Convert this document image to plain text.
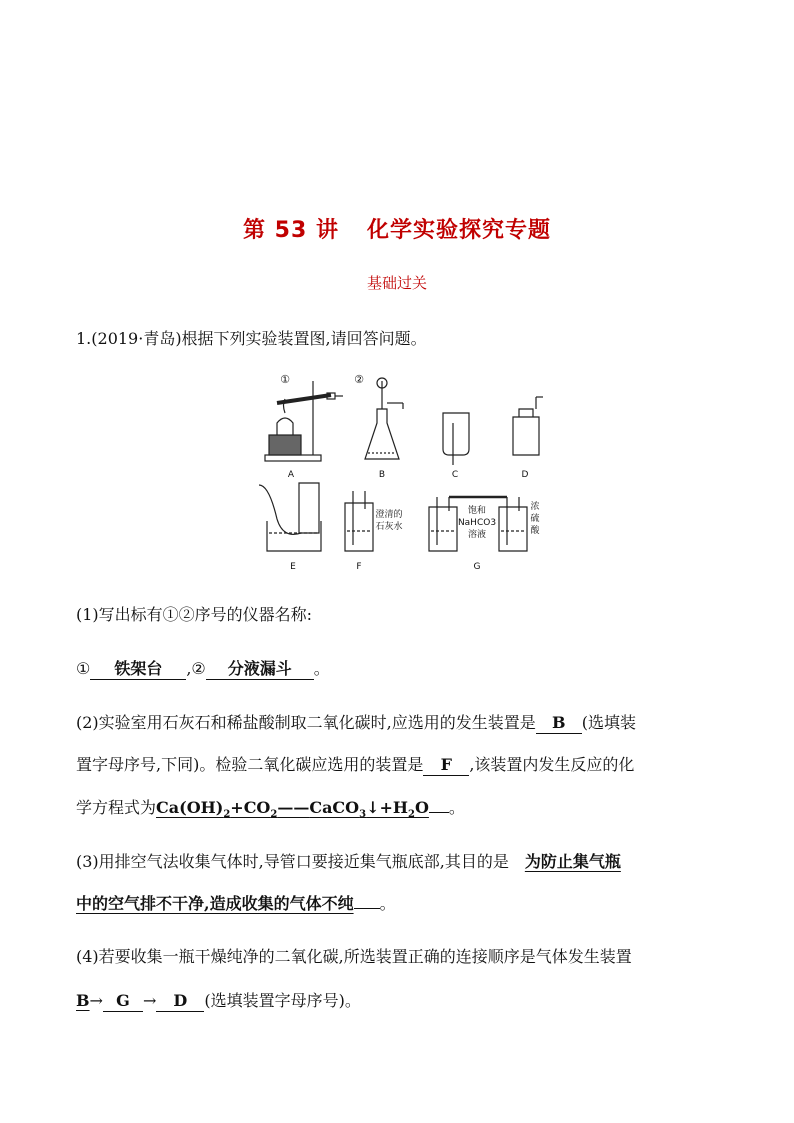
第 53 讲 化学实验探究专题
基础过关
1.(2019·青岛)根据下列实验装置图,请回答问题。
A	B	C	D
E	F	G
①	②
澄清的
石灰水
饱和
NaHCO3
溶液
浓
硫
酸
(1)写出标有①②序号的仪器名称:
① 铁架台 ,② 分液漏斗 。
(2)实验室用石灰石和稀盐酸制取二氧化碳时,应选用的发生装置是 B (选填装
置字母序号,下同)。检验二氧化碳应选用的装置是 F ,该装置内发生反应的化
学方程式为$Ca(OH)_2+CO_2——CaCO_3↓+H_2O$ 。
(3)用排空气法收集气体时,导管口要接近集气瓶底部,其目的是 为防止集气瓶
中的空气排不干净,造成收集的气体不纯 。
(4)若要收集一瓶干燥纯净的二氧化碳,所选装置正确的连接顺序是气体发生装置
B→ G → D (选填装置字母序号)。
